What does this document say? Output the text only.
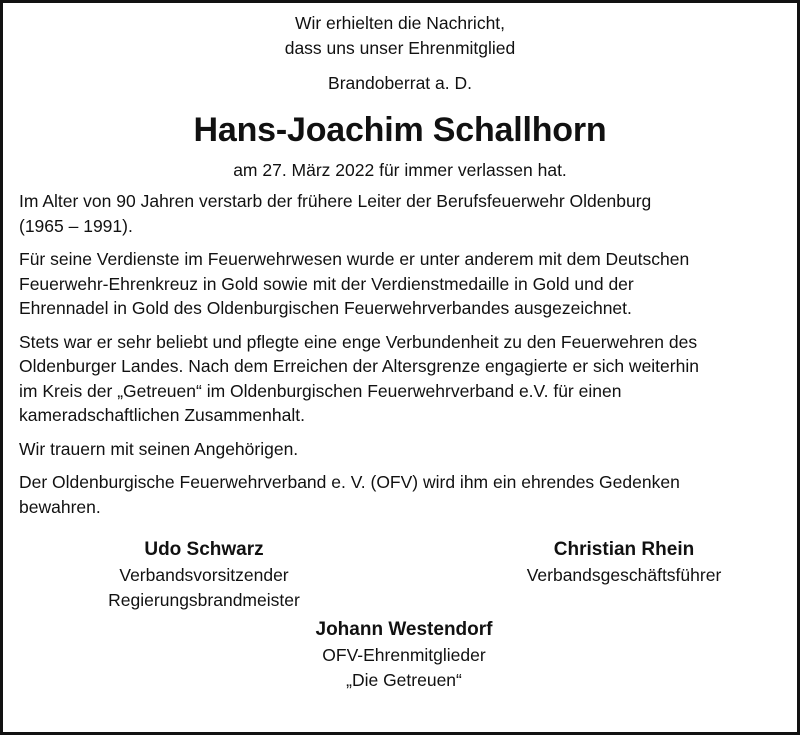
Wir erhielten die Nachricht,
dass uns unser Ehrenmitglied
Brandoberrat a. D.
Hans-Joachim Schallhorn
am 27. März 2022 für immer verlassen hat.

Im Alter von 90 Jahren verstarb der frühere Leiter der Berufsfeuerwehr Oldenburg
(1965 – 1991).

Für seine Verdienste im Feuerwehrwesen wurde er unter anderem mit dem Deutschen
Feuerwehr-Ehrenkreuz in Gold sowie mit der Verdienstmedaille in Gold und der
Ehrennadel in Gold des Oldenburgischen Feuerwehrverbandes ausgezeichnet.

Stets war er sehr beliebt und pflegte eine enge Verbundenheit zu den Feuerwehren des
Oldenburger Landes. Nach dem Erreichen der Altersgrenze engagierte er sich weiterhin
im Kreis der „Getreuen“ im Oldenburgischen Feuerwehrverband e.V. für einen
kameradschaftlichen Zusammenhalt.

Wir trauern mit seinen Angehörigen.

Der Oldenburgische Feuerwehrverband e. V. (OFV) wird ihm ein ehrendes Gedenken
bewahren.

Udo Schwarz
Verbandsvorsitzender
Regierungsbrandmeister
Christian Rhein
Verbandsgeschäftsführer
Johann Westendorf
OFV-Ehrenmitglieder
„Die Getreuen“
